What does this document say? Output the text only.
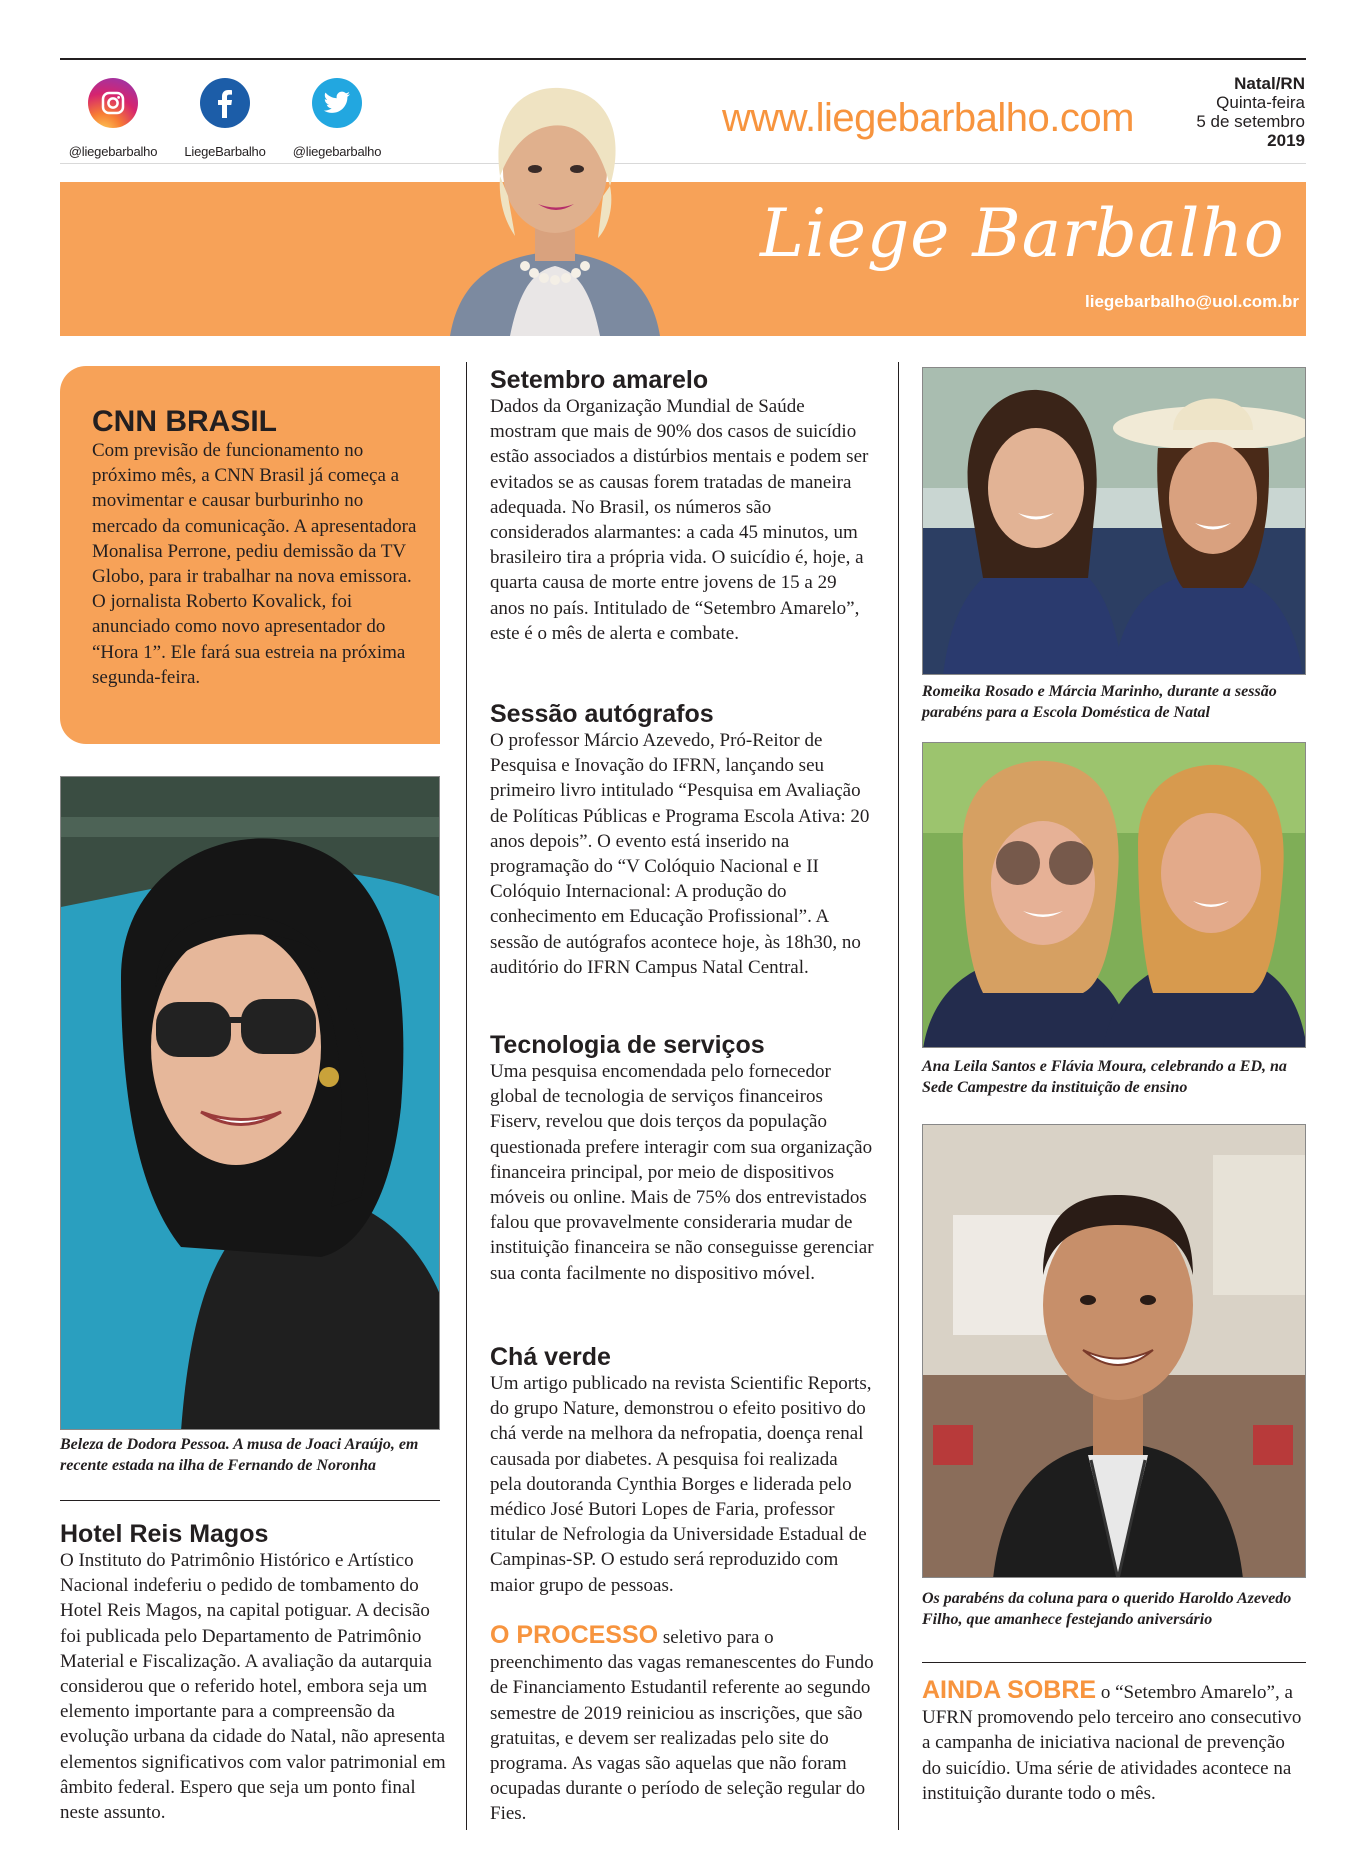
@liegebarbalho	LiegeBarbalho	@liegebarbalho
www.liegebarbalho.com
Natal/RN
Quinta-feira
5 de setembro
2019
Liege Barbalho
liegebarbalho@uol.com.br
CNN BRASIL

Com previsão de funcionamento no próximo mês, a CNN Brasil já começa a movimentar e causar burburinho no mercado da comunicação. A apresentadora Monalisa Perrone, pediu demissão da TV Globo, para ir trabalhar na nova emissora. O jornalista Roberto Kovalick, foi anunciado como novo apresentador do “Hora 1”. Ele fará sua estreia na próxima segunda-feira.

Beleza de Dodora Pessoa. A musa de Joaci Araújo, em recente estada na ilha de Fernando de Noronha
Hotel Reis Magos

O Instituto do Patrimônio Histórico e Artístico Nacional indeferiu o pedido de tombamento do Hotel Reis Magos, na capital potiguar. A decisão foi publicada pelo Departamento de Patrimônio Material e Fiscalização. A avaliação da autarquia considerou que o referido hotel, embora seja um elemento importante para a compreensão da evolução urbana da cidade do Natal, não apresenta elementos significativos com valor patrimonial em âmbito federal. Espero que seja um ponto final neste assunto.

Setembro amarelo

Dados da Organização Mundial de Saúde mostram que mais de 90% dos casos de suicídio estão associados a distúrbios mentais e podem ser evitados se as causas forem tratadas de maneira adequada. No Brasil, os números são considerados alarmantes: a cada 45 minutos, um brasileiro tira a própria vida. O suicídio é, hoje, a quarta causa de morte entre jovens de 15 a 29 anos no país. Intitulado de “Setembro Amarelo”, este é o mês de alerta e combate.

Sessão autógrafos

O professor Márcio Azevedo, Pró-Reitor de Pesquisa e Inovação do IFRN, lançando seu primeiro livro intitulado “Pesquisa em Avaliação de Políticas Públicas e Programa Escola Ativa: 20 anos depois”. O evento está inserido na programação do “V Colóquio Nacional e II Colóquio Internacional: A produção do conhecimento em Educação Profissional”. A sessão de autógrafos acontece hoje, às 18h30, no auditório do IFRN Campus Natal Central.

Tecnologia de serviços

Uma pesquisa encomendada pelo fornecedor global de tecnologia de serviços financeiros Fiserv, revelou que dois terços da população questionada prefere interagir com sua organização financeira principal, por meio de dispositivos móveis ou online. Mais de 75% dos entrevistados falou que provavelmente consideraria mudar de instituição financeira se não conseguisse gerenciar sua conta facilmente no dispositivo móvel.

Chá verde

Um artigo publicado na revista Scientific Reports, do grupo Nature, demonstrou o efeito positivo do chá verde na melhora da nefropatia, doença renal causada por diabetes. A pesquisa foi realizada pela doutoranda Cynthia Borges e liderada pelo médico José Butori Lopes de Faria, professor titular de Nefrologia da Universidade Estadual de Campinas-SP. O estudo será reproduzido com maior grupo de pessoas.

O PROCESSO seletivo para o preenchimento das vagas remanescentes do Fundo de Financiamento Estudantil referente ao segundo semestre de 2019 reiniciou as inscrições, que são gratuitas, e devem ser realizadas pelo site do programa. As vagas são aquelas que não foram ocupadas durante o período de seleção regular do Fies.

Romeika Rosado e Márcia Marinho, durante a sessão parabéns para a Escola Doméstica de Natal
Ana Leila Santos e Flávia Moura, celebrando a ED, na Sede Campestre da instituição de ensino
Os parabéns da coluna para o querido Haroldo Azevedo Filho, que amanhece festejando aniversário

AINDA SOBRE o “Setembro Amarelo”, a UFRN promovendo pelo terceiro ano consecutivo a campanha de iniciativa nacional de prevenção do suicídio. Uma série de atividades acontece na instituição durante todo o mês.
